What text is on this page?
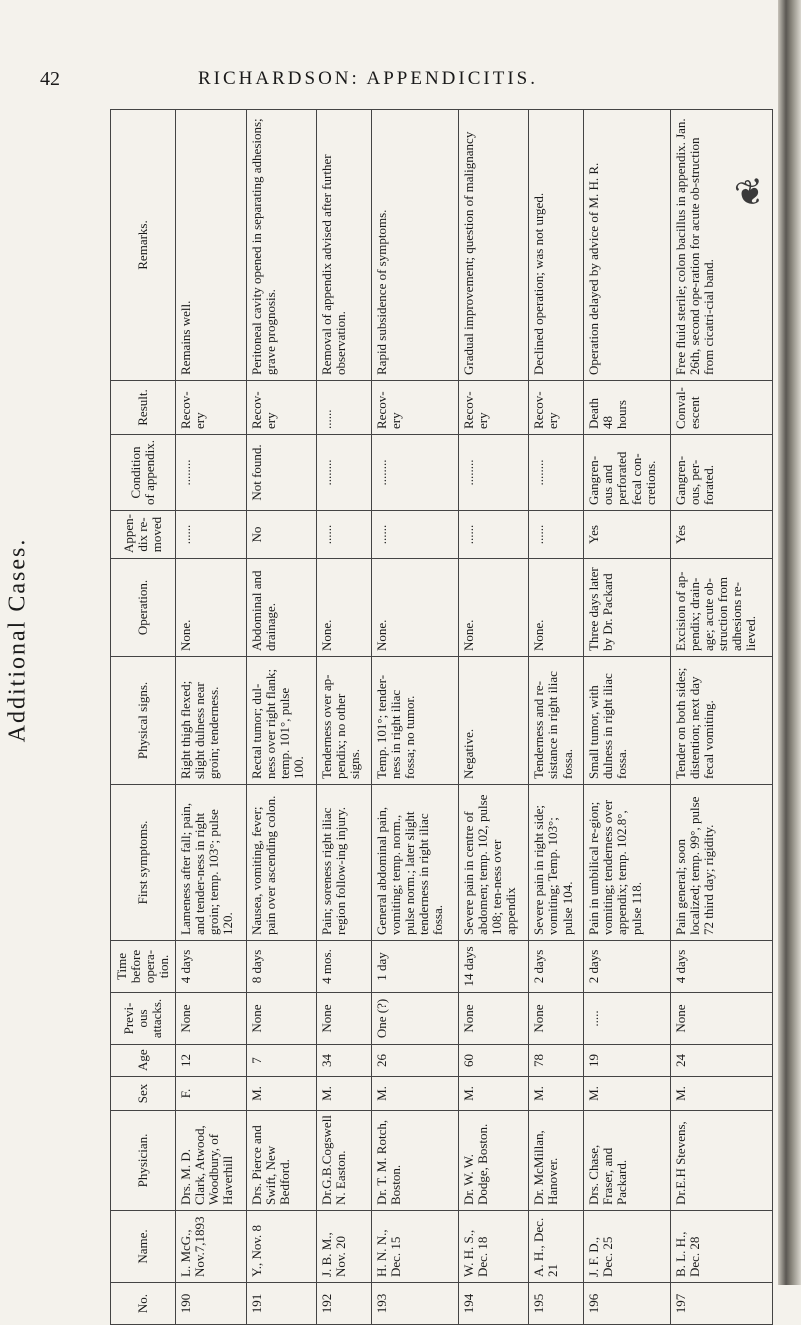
42	RICHARDSON: APPENDICITIS.
Additional Cases.
❦
No.	Name.	Physician.	Sex	Age	Previ-ous attacks.	Time before opera-tion.	First symptoms.	Physical signs.	Operation.	Appen-dix re-moved	Condition of appendix.	Result.	Remarks.
190	L. McG., Nov.7,1893	Drs. M. D. Clark, Atwood, Woodbury, of Haverhill	F.	12	None	4 days	Lameness after fall; pain, and tender-ness in right groin; temp. 103°; pulse 120.	Right thigh flexed; slight dulness near groin; tenderness.	None.	......	........	Recov-ery	Remains well.
191	Y., Nov. 8	Drs. Pierce and Swift, New Bedford.	M.	7	None	8 days	Nausea, vomiting, fever; pain over ascending colon.	Rectal tumor; dul-ness over right flank; temp. 101°, pulse 100.	Abdominal and drainage.	No	Not found.	Recov-ery	Peritoneal cavity opened in separating adhesions; grave prognosis.
192	J. B. M., Nov. 20	Dr.G.B.Cogswell N. Easton.	M.	34	None	4 mos.	Pain; soreness right iliac region follow-ing injury.	Tenderness over ap-pendix; no other signs.	None.	......	........	......	Removal of appendix advised after further observation.
193	H. N. N., Dec. 15	Dr. T. M. Rotch, Boston.	M.	26	One (?)	1 day	General abdominal pain, vomiting; temp. norm., pulse norm.; later slight tenderness in right iliac fossa.	Temp. 101°; tender-ness in right iliac fossa; no tumor.	None.	......	........	Recov-ery	Rapid subsidence of symptoms.
194	W. H. S., Dec. 18	Dr. W. W. Dodge, Boston.	M.	60	None	14 days	Severe pain in centre of abdomen; temp. 102, pulse 108; ten-ness over appendix	Negative.	None.	......	........	Recov-ery	Gradual improvement; question of malignancy
195	A. H., Dec. 21	Dr. McMillan, Hanover.	M.	78	None	2 days	Severe pain in right side; vomiting; Temp. 103°; pulse 104.	Tenderness and re-sistance in right iliac fossa.	None.	......	........	Recov-ery	Declined operation; was not urged.
196	J. F. D., Dec. 25	Drs. Chase, Fraser, and Packard.	M.	19	.....	2 days	Pain in umbilical re-gion; vomiting; tenderness over appendix; temp. 102.8°, pulse 118.	Small tumor, with dulness in right iliac fossa.	Three days later by Dr. Packard	Yes	Gangren-ous and perforated fecal con-cretions.	Death 48 hours	Operation delayed by advice of M. H. R.
197	B. L. H., Dec. 28	Dr.E.H Stevens,	M.	24	None	4 days	Pain general; soon localized; temp. 99°, pulse 72 third day; rigidity.	Tender on both sides; distention; next day fecal vomiting.	Excision of ap-pendix; drain-age; acute ob-struction from adhesions re-lieved.	Yes	Gangren-ous, per-forated.	Conval-escent	Free fluid sterile; colon bacillus in appendix. Jan. 26th, second ope-ration for acute ob-struction from cicatri-cial band.
